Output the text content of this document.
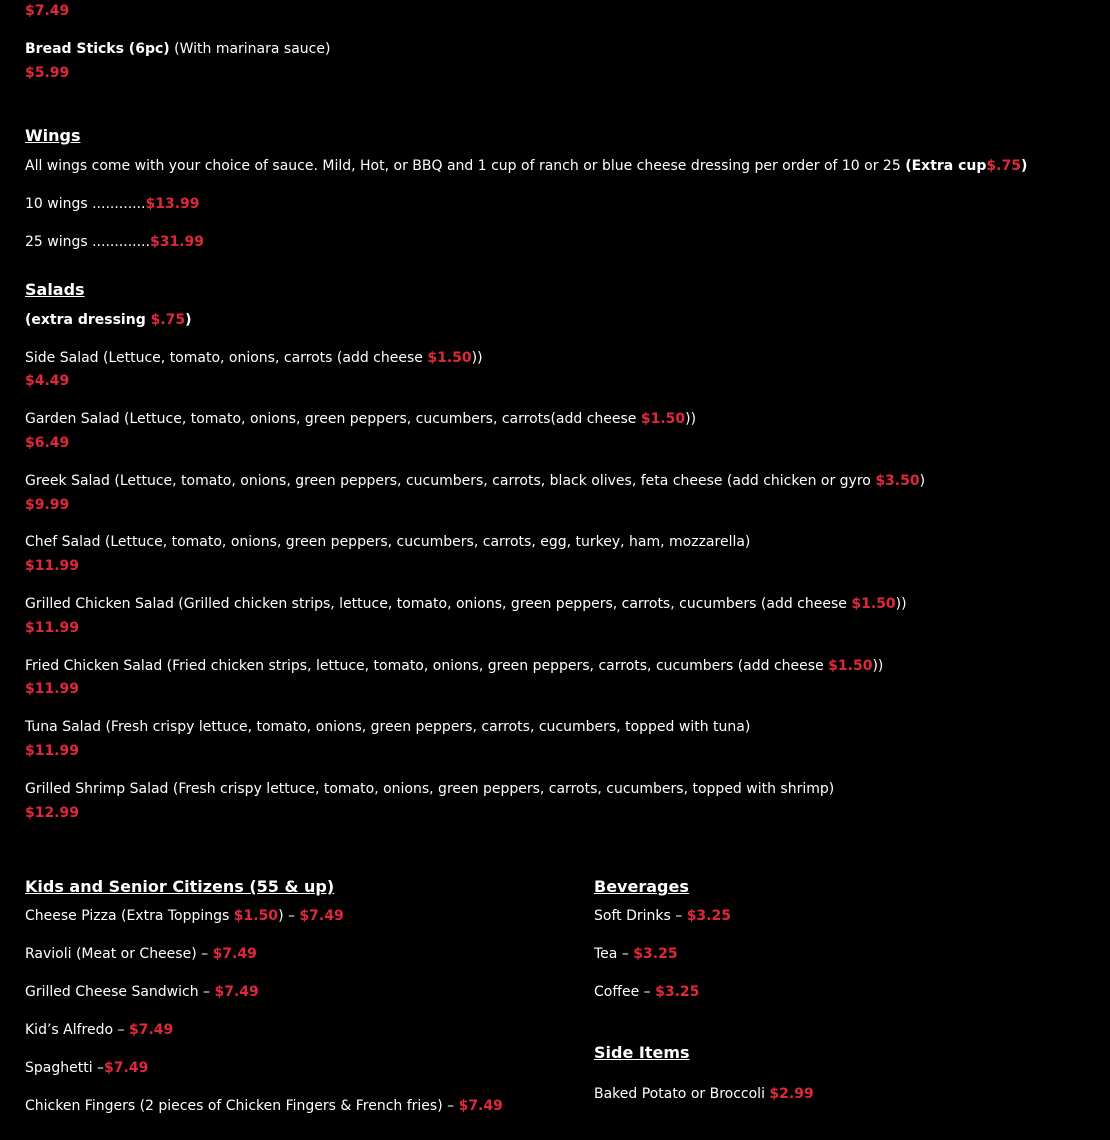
$7.49
Bread Sticks (6pc) (With marinara sauce)
$5.99
Wings
All wings come with your choice of sauce. Mild, Hot, or BBQ and 1 cup of ranch or blue cheese dressing per order of 10 or 25 (Extra cup$.75)
10 wings ............$13.99
25 wings .............$31.99
Salads
(extra dressing $.75)
Side Salad (Lettuce, tomato, onions, carrots (add cheese $1.50))
$4.49
Garden Salad (Lettuce, tomato, onions, green peppers, cucumbers, carrots(add cheese $1.50))
$6.49
Greek Salad (Lettuce, tomato, onions, green peppers, cucumbers, carrots, black olives, feta cheese (add chicken or gyro $3.50)
$9.99
Chef Salad (Lettuce, tomato, onions, green peppers, cucumbers, carrots, egg, turkey, ham, mozzarella)
$11.99
Grilled Chicken Salad (Grilled chicken strips, lettuce, tomato, onions, green peppers, carrots, cucumbers (add cheese $1.50))
$11.99
Fried Chicken Salad (Fried chicken strips, lettuce, tomato, onions, green peppers, carrots, cucumbers (add cheese $1.50))
$11.99
Tuna Salad (Fresh crispy lettuce, tomato, onions, green peppers, carrots, cucumbers, topped with tuna)
$11.99
Grilled Shrimp Salad (Fresh crispy lettuce, tomato, onions, green peppers, carrots, cucumbers, topped with shrimp)
$12.99
Kids and Senior Citizens (55 & up)
Cheese Pizza (Extra Toppings $1.50) – $7.49
Ravioli (Meat or Cheese) – $7.49
Grilled Cheese Sandwich – $7.49
Kid’s Alfredo – $7.49
Spaghetti –$7.49
Chicken Fingers (2 pieces of Chicken Fingers & French fries) – $7.49
Beverages
Soft Drinks – $3.25
Tea – $3.25
Coffee – $3.25
Side Items
Baked Potato or Broccoli $2.99
